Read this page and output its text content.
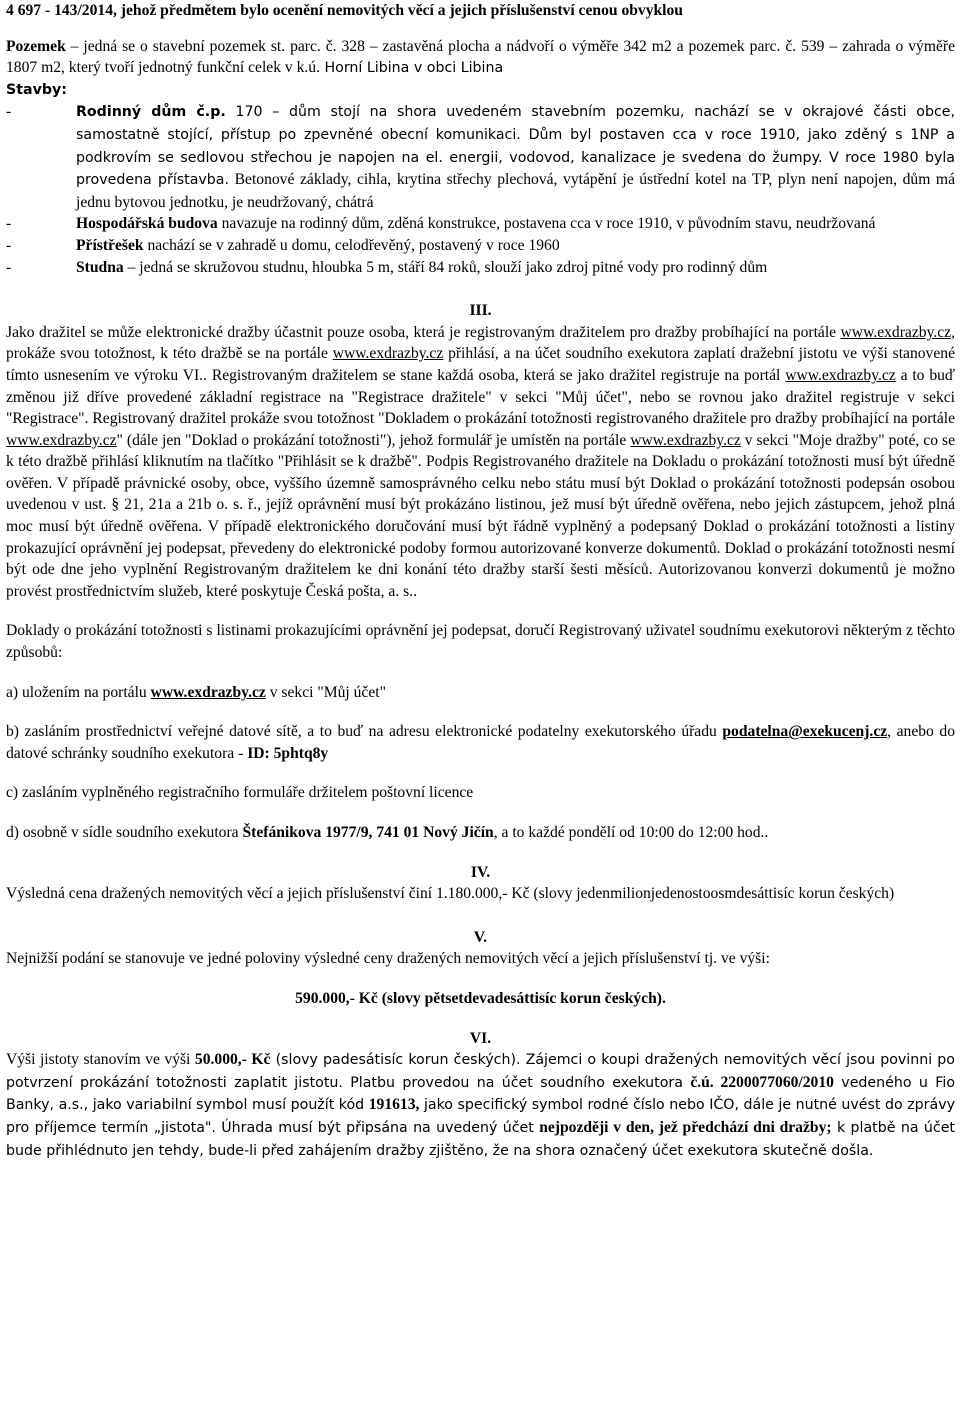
4 697 - 143/2014, jehož předmětem bylo ocenění nemovitých věcí a jejich příslušenství cenou obvyklou

Pozemek – jedná se o stavební pozemek st. parc. č. 328 – zastavěná plocha a nádvoří o výměře 342 m2 a pozemek parc. č. 539 – zahrada o výměře 1807 m2, který tvoří jednotný funkční celek v k.ú. Horní Libina v obci Libina

Stavby:

-	Rodinný dům č.p. 170 – dům stojí na shora uvedeném stavebním pozemku, nachází se v okrajové části obce, samostatně stojící, přístup po zpevněné obecní komunikaci. Dům byl postaven cca v roce 1910, jako zděný s 1NP a podkrovím se sedlovou střechou je napojen na el. energii, vodovod, kanalizace je svedena do žumpy. V roce 1980 byla provedena přístavba. Betonové základy, cihla, krytina střechy plechová, vytápění je ústřední kotel na TP, plyn není napojen, dům má jednu bytovou jednotku, je neudržovaný, chátrá
-	Hospodářská budova navazuje na rodinný dům, zděná konstrukce, postavena cca v roce 1910, v původním stavu, neudržovaná
-	Přístřešek nachází se v zahradě u domu, celodřevěný, postavený v roce 1960
-	Studna – jedná se skružovou studnu, hloubka 5 m, stáří 84 roků, slouží jako zdroj pitné vody pro rodinný dům

III.

Jako dražitel se může elektronické dražby účastnit pouze osoba, která je registrovaným dražitelem pro dražby probíhající na portále www.exdrazby.cz, prokáže svou totožnost, k této dražbě se na portále www.exdrazby.cz přihlásí, a na účet soudního exekutora zaplatí dražební jistotu ve výši stanovené tímto usnesením ve výroku VI.. Registrovaným dražitelem se stane každá osoba, která se jako dražitel registruje na portál www.exdrazby.cz a to buď změnou již dříve provedené základní registrace na "Registrace dražitele" v sekci "Můj účet", nebo se rovnou jako dražitel registruje v sekci "Registrace". Registrovaný dražitel prokáže svou totožnost "Dokladem o prokázání totožnosti registrovaného dražitele pro dražby probíhající na portále www.exdrazby.cz" (dále jen "Doklad o prokázání totožnosti"), jehož formulář je umístěn na portále www.exdrazby.cz v sekci "Moje dražby" poté, co se k této dražbě přihlásí kliknutím na tlačítko "Přihlásit se k dražbě". Podpis Registrovaného dražitele na Dokladu o prokázání totožnosti musí být úředně ověřen. V případě právnické osoby, obce, vyššího územně samosprávného celku nebo státu musí být Doklad o prokázání totožnosti podepsán osobou uvedenou v ust. § 21, 21a a 21b o. s. ř., jejíž oprávnění musí být prokázáno listinou, jež musí být úředně ověřena, nebo jejich zástupcem, jehož plná moc musí být úředně ověřena. V případě elektronického doručování musí být řádně vyplněný a podepsaný Doklad o prokázání totožnosti a listiny prokazující oprávnění jej podepsat, převedeny do elektronické podoby formou autorizované konverze dokumentů. Doklad o prokázání totožnosti nesmí být ode dne jeho vyplnění Registrovaným dražitelem ke dni konání této dražby starší šesti měsíců. Autorizovanou konverzi dokumentů je možno provést prostřednictvím služeb, které poskytuje Česká pošta, a. s..

Doklady o prokázání totožnosti s listinami prokazujícími oprávnění jej podepsat, doručí Registrovaný uživatel soudnímu exekutorovi některým z těchto způsobů:

a) uložením na portálu www.exdrazby.cz v sekci "Můj účet"

b) zasláním prostřednictví veřejné datové sítě, a to buď na adresu elektronické podatelny exekutorského úřadu podatelna@exekucenj.cz, anebo do datové schránky soudního exekutora - ID: 5phtq8y

c) zasláním vyplněného registračního formuláře držitelem poštovní licence

d) osobně v sídle soudního exekutora Štefánikova 1977/9, 741 01 Nový Jičín, a to každé pondělí od 10:00 do 12:00 hod..

IV.

Výsledná cena dražených nemovitých věcí a jejich příslušenství činí 1.180.000,- Kč (slovy jedenmilionjedenostoosmdesáttisíc korun českých)

V.

Nejnižší podání se stanovuje ve jedné poloviny výsledné ceny dražených nemovitých věcí a jejich příslušenství tj. ve výši:

590.000,- Kč (slovy pětsetdevadesáttisíc korun českých).

VI.

Výši jistoty stanovím ve výši 50.000,- Kč (slovy padesátisíc korun českých). Zájemci o koupi dražených nemovitých věcí jsou povinni po potvrzení prokázání totožnosti zaplatit jistotu. Platbu provedou na účet soudního exekutora č.ú. 2200077060/2010 vedeného u Fio Banky, a.s., jako variabilní symbol musí použít kód 191613, jako specifický symbol rodné číslo nebo IČO, dále je nutné uvést do zprávy pro příjemce termín „jistota". Úhrada musí být připsána na uvedený účet nejpozději v den, jež předchází dni dražby; k platbě na účet bude přihlédnuto jen tehdy, bude-li před zahájením dražby zjištěno, že na shora označený účet exekutora skutečně došla.
